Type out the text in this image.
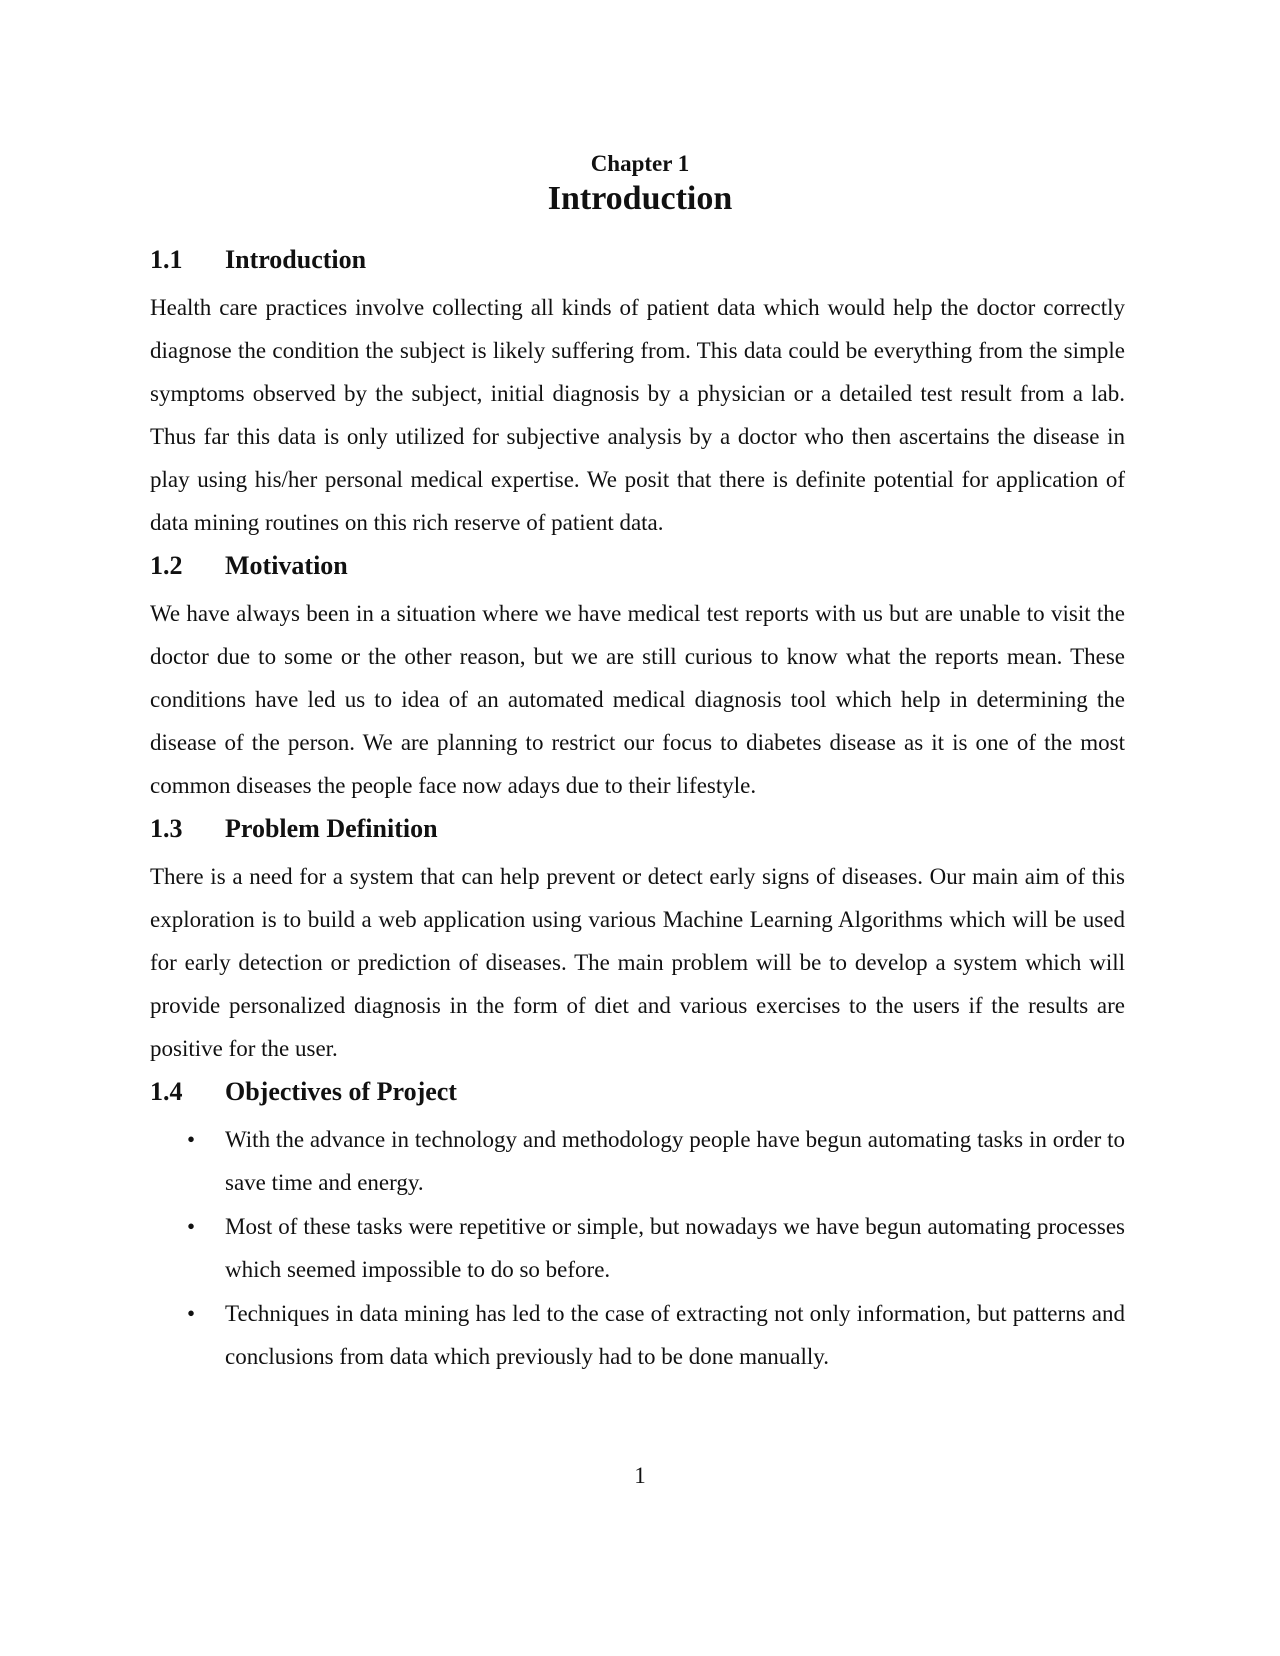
Chapter 1
Introduction
1.1	Introduction

Health care practices involve collecting all kinds of patient data which would help the doctor correctly diagnose the condition the subject is likely suffering from. This data could be everything from the simple symptoms observed by the subject, initial diagnosis by a physician or a detailed test result from a lab. Thus far this data is only utilized for subjective analysis by a doctor who then ascertains the disease in play using his/her personal medical expertise. We posit that there is definite potential for application of data mining routines on this rich reserve of patient data.

1.2	Motivation

We have always been in a situation where we have medical test reports with us but are unable to visit the doctor due to some or the other reason, but we are still curious to know what the reports mean. These conditions have led us to idea of an automated medical diagnosis tool which help in determining the disease of the person. We are planning to restrict our focus to diabetes disease as it is one of the most common diseases the people face now adays due to their lifestyle.

1.3	Problem Definition

There is a need for a system that can help prevent or detect early signs of diseases. Our main aim of this exploration is to build a web application using various Machine Learning Algorithms which will be used for early detection or prediction of diseases. The main problem will be to develop a system which will provide personalized diagnosis in the form of diet and various exercises to the users if the results are positive for the user.

1.4	Objectives of Project
• With the advance in technology and methodology people have begun automating tasks in order to save time and energy.
• Most of these tasks were repetitive or simple, but nowadays we have begun automating processes which seemed impossible to do so before.
• Techniques in data mining has led to the case of extracting not only information, but patterns and conclusions from data which previously had to be done manually.
1
